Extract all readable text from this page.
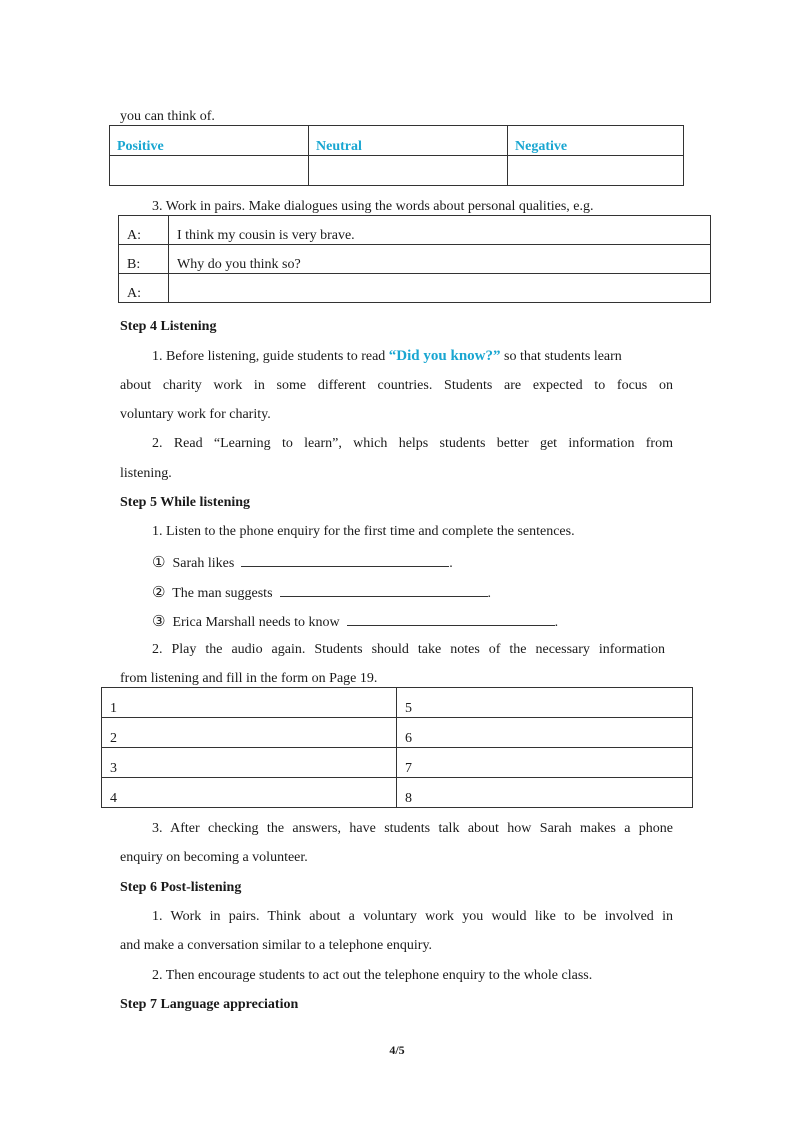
you can think of.
Positive	Neutral	Negative

3. Work in pairs. Make dialogues using the words about personal qualities, e.g.
A:	I think my cousin is very brave.
B:	Why do you think so?
A:	
Step 4 Listening
1. Before listening, guide students to read “Did you know?” so that students learn
about charity work in some different countries. Students are expected to focus on
voluntary work for charity.
2. Read “Learning to learn”, which helps students better get information from
listening.
Step 5 While listening
1. Listen to the phone enquiry for the first time and complete the sentences.
① Sarah likes	.
② The man suggests	.
③ Erica Marshall needs to know	.
2. Play the audio again. Students should take notes of the necessary information
from listening and fill in the form on Page 19.
1	5
2	6
3	7
4	8
3. After checking the answers, have students talk about how Sarah makes a phone
enquiry on becoming a volunteer.
Step 6 Post-listening
1. Work in pairs. Think about a voluntary work you would like to be involved in
and make a conversation similar to a telephone enquiry.
2. Then encourage students to act out the telephone enquiry to the whole class.
Step 7 Language appreciation
4/5
